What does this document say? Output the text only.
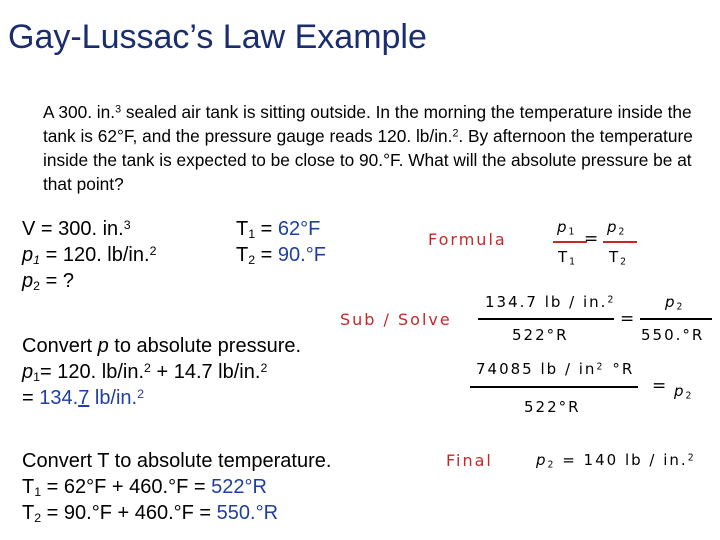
Gay-Lussac’s Law Example
A 300. in.$^3$ sealed air tank is sitting outside. In the morning the temperature inside the tank is 62°F, and the pressure gauge reads 120. lb/in.$^2$. By afternoon the temperature inside the tank is expected to be close to 90.°F. What will the absolute pressure be at that point?
V = 300. in.$^3$
$p_1 = 120$. lb/in.$^2$
$p_2$ = ?
$T_1 = 62^\circ F$
$T_2 = 90.^\circ F$
Convert p to absolute pressure.
$p_1= 120$. lb/in.$^2$ + 14.7 lb/in.$^2$
= 134.7 lb/in.$^2$
Convert T to absolute temperature.
$T_1 = 62^\circ F + 460.^\circ F = 522^\circ R$
$T_2 = 90.^\circ F + 460.^\circ F = 550.^\circ R$
Formula
$p_1$
$T_1$
=
$p_2$
$T_2$
Sub / Solve
134.7 lb / in.$^2$
522°R
=
$p_2$
550.°R
74085 lb / $in^2$ °R
522°R
= $p_2$
Final	$p_2 = 140$ lb / in.$^2$
